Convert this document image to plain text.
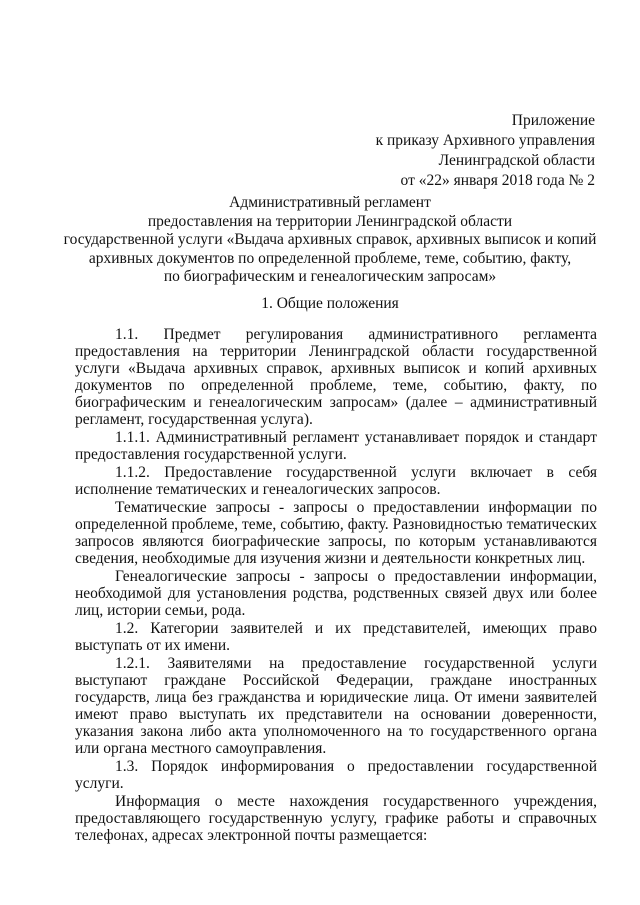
Приложение
к приказу Архивного управления
Ленинградской области
от «22» января 2018 года № 2
Административный регламент
предоставления на территории Ленинградской области
государственной услуги «Выдача архивных справок, архивных выписок и копий
архивных документов по определенной проблеме, теме, событию, факту,
по биографическим и генеалогическим запросам»
1. Общие положения

1.1. Предмет регулирования административного регламента предоставления на территории Ленинградской области государственной услуги «Выдача архивных справок, архивных выписок и копий архивных документов по определенной проблеме, теме, событию, факту, по биографическим и генеалогическим запросам» (далее – административный регламент, государственная услуга).

1.1.1. Административный регламент устанавливает порядок и стандарт предоставления государственной услуги.

1.1.2. Предоставление государственной услуги включает в себя исполнение тематических и генеалогических запросов.

Тематические запросы - запросы о предоставлении информации по определенной проблеме, теме, событию, факту. Разновидностью тематических запросов являются биографические запросы, по которым устанавливаются сведения, необходимые для изучения жизни и деятельности конкретных лиц.

Генеалогические запросы - запросы о предоставлении информации, необходимой для установления родства, родственных связей двух или более лиц, истории семьи, рода.

1.2. Категории заявителей и их представителей, имеющих право выступать от их имени.

1.2.1. Заявителями на предоставление государственной услуги выступают граждане Российской Федерации, граждане иностранных государств, лица без гражданства и юридические лица. От имени заявителей имеют право выступать их представители на основании доверенности, указания закона либо акта уполномоченного на то государственного органа или органа местного самоуправления.

1.3. Порядок информирования о предоставлении государственной услуги.

Информация о месте нахождения государственного учреждения, предоставляющего государственную услугу, графике работы и справочных телефонах, адресах электронной почты размещается:
